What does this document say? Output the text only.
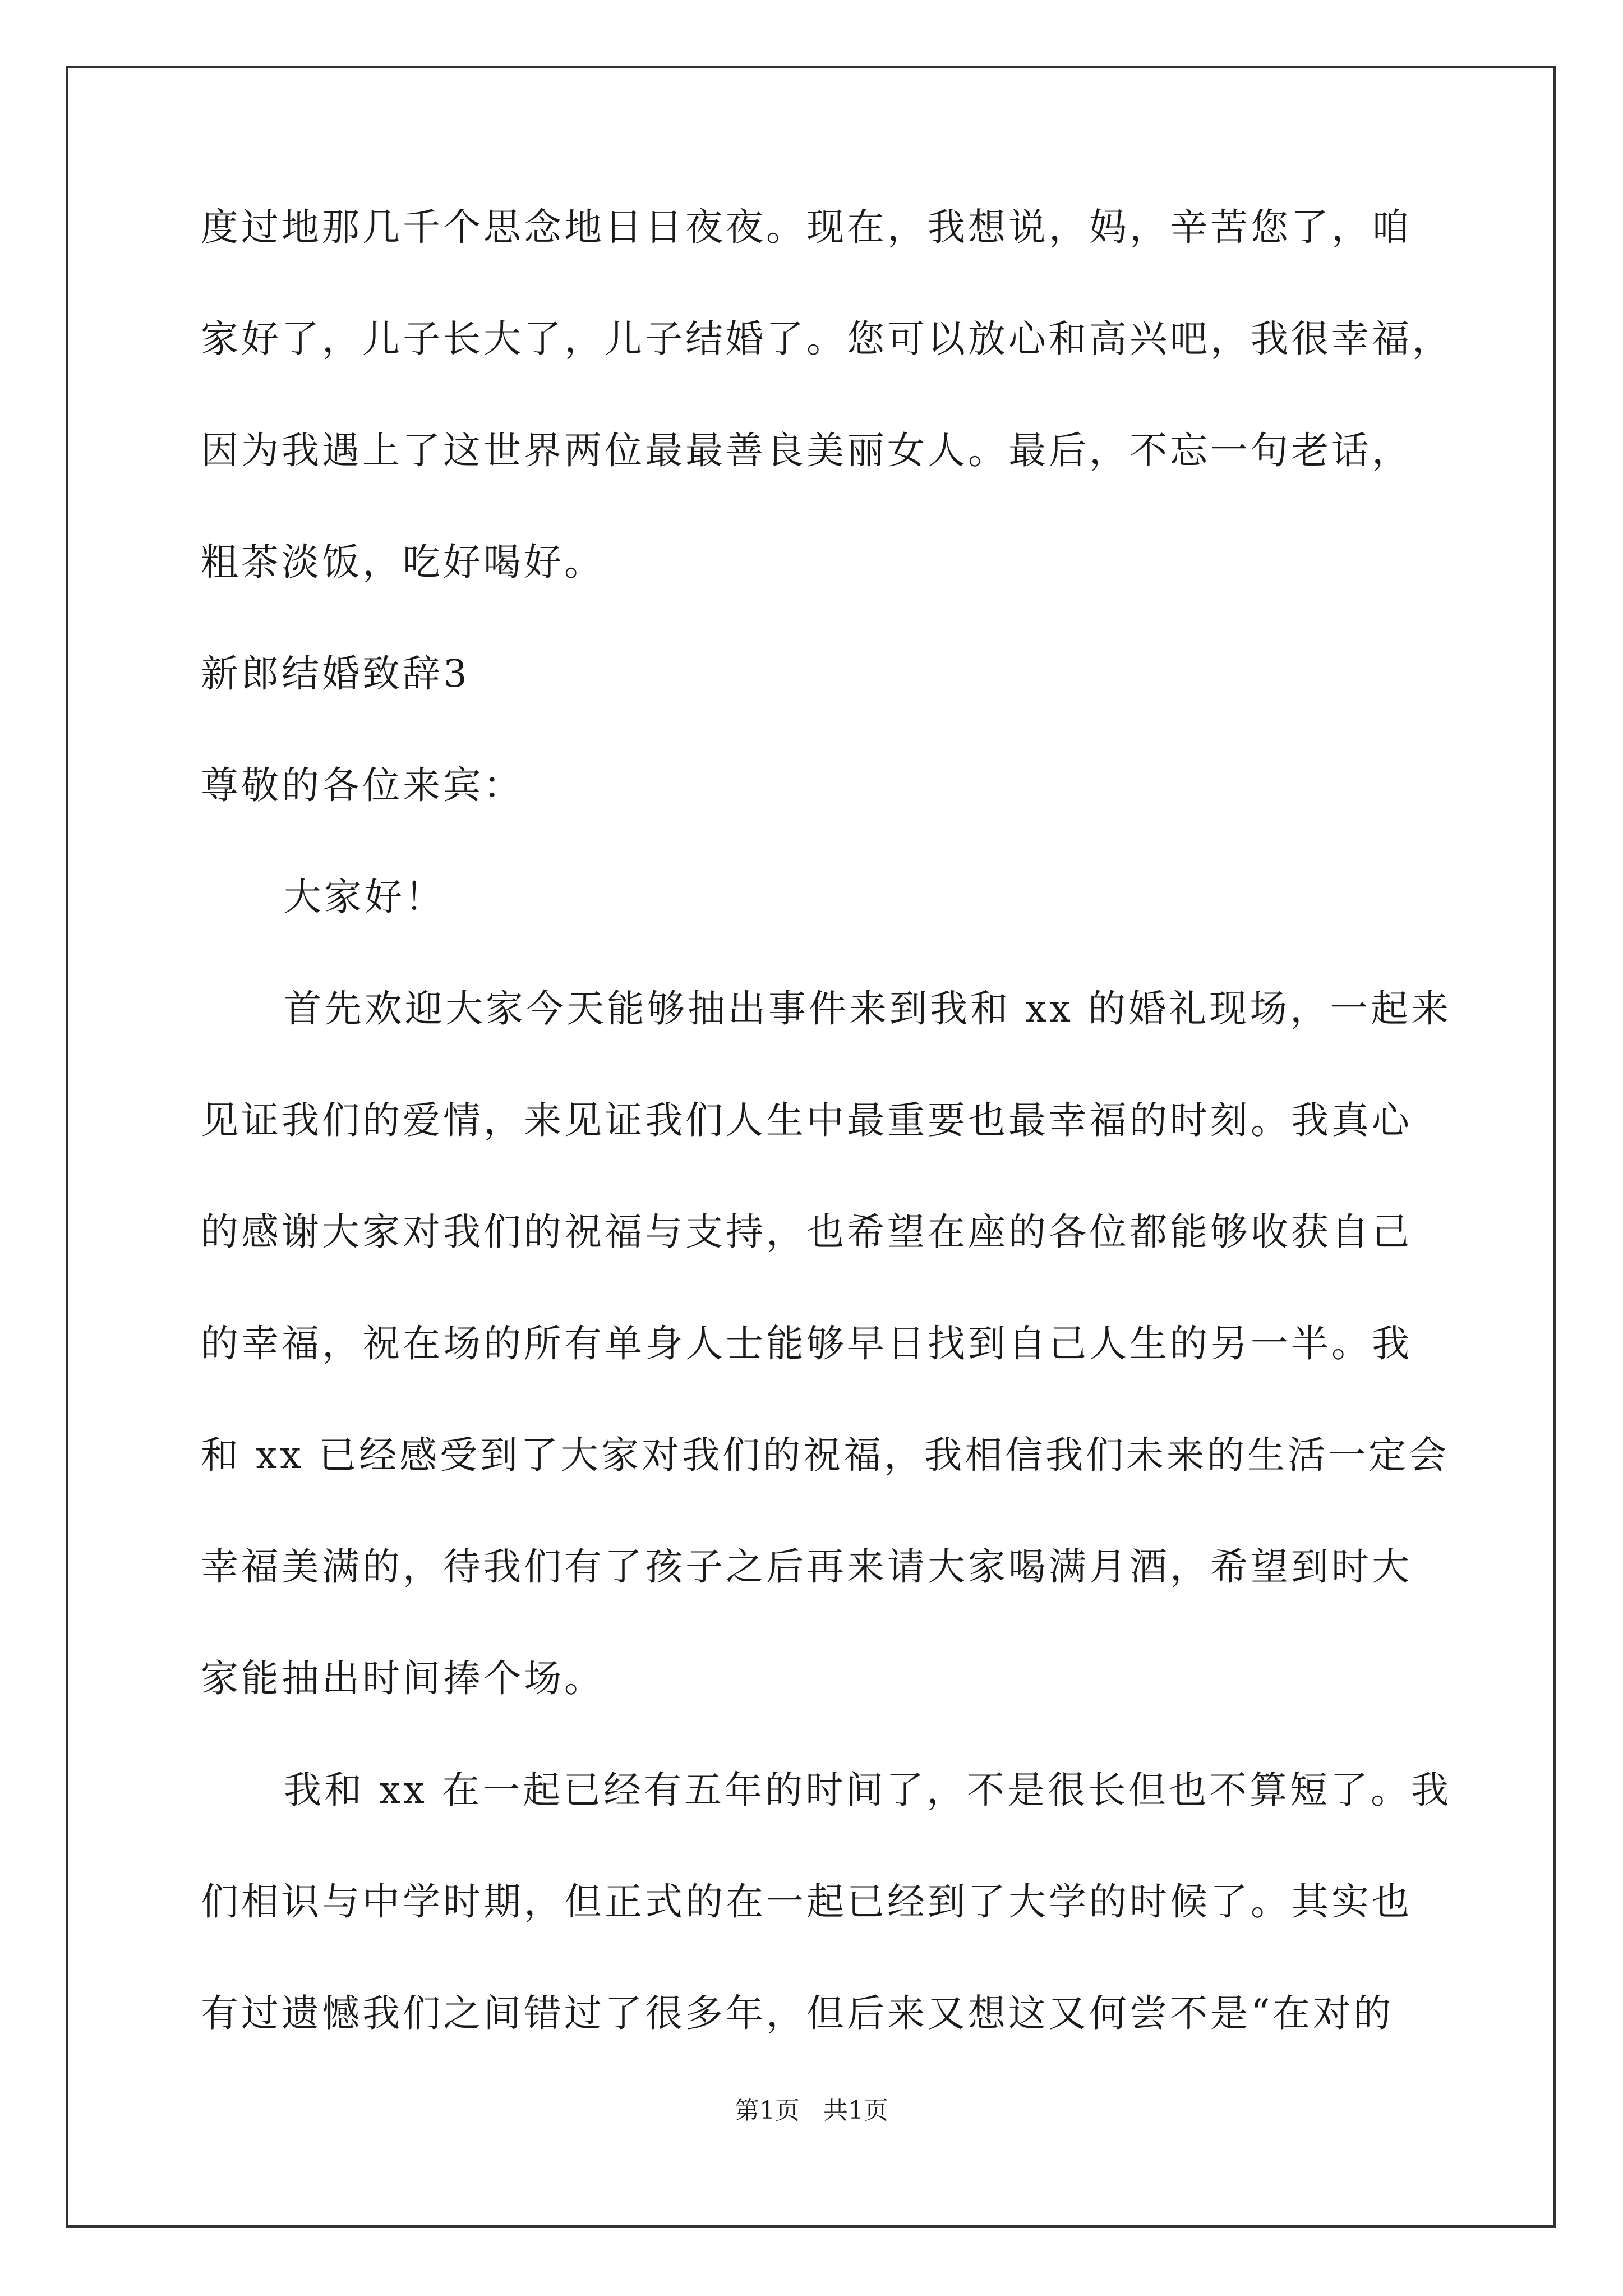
度过地那几千个思念地日日夜夜。现在，我想说，妈，辛苦您了，咱
家好了，儿子长大了，儿子结婚了。您可以放心和高兴吧，我很幸福，
因为我遇上了这世界两位最最善良美丽女人。最后，不忘一句老话，
粗茶淡饭，吃好喝好。
新郎结婚致辞3
尊敬的各位来宾：
大家好！
首先欢迎大家今天能够抽出事件来到我和 xx 的婚礼现场，一起来
见证我们的爱情，来见证我们人生中最重要也最幸福的时刻。我真心
的感谢大家对我们的祝福与支持，也希望在座的各位都能够收获自己
的幸福，祝在场的所有单身人士能够早日找到自己人生的另一半。我
和 xx 已经感受到了大家对我们的祝福，我相信我们未来的生活一定会
幸福美满的，待我们有了孩子之后再来请大家喝满月酒，希望到时大
家能抽出时间捧个场。
我和 xx 在一起已经有五年的时间了，不是很长但也不算短了。我
们相识与中学时期，但正式的在一起已经到了大学的时候了。其实也
有过遗憾我们之间错过了很多年，但后来又想这又何尝不是“在对的
第1页 共1页
